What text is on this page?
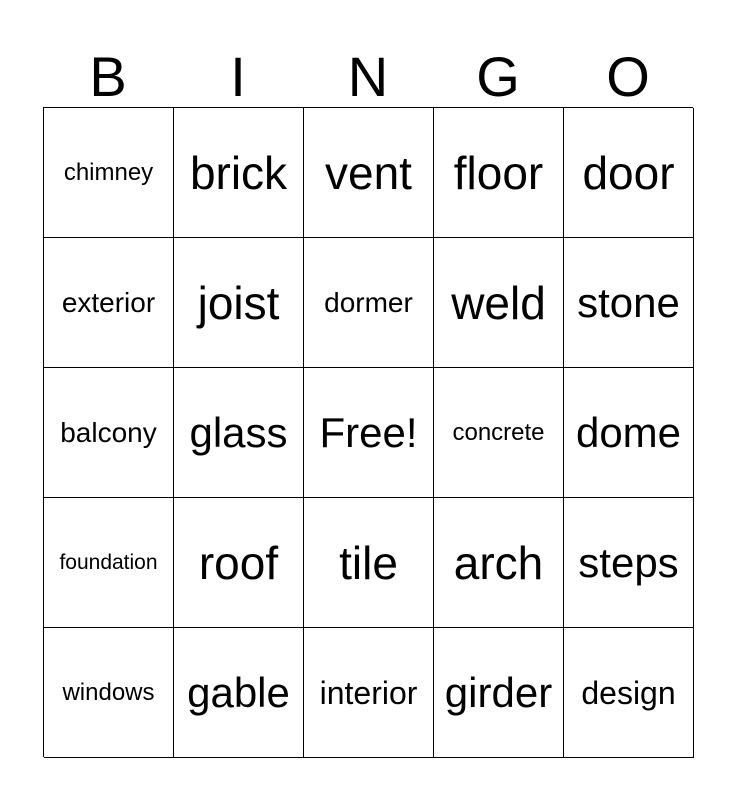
B	I	N	G	O
chimney brick vent floor door
exterior joist	dormer weld stone
balcony glass Free!	concrete dome
foundation roof	tile	arch steps
windows gable interior girder design
